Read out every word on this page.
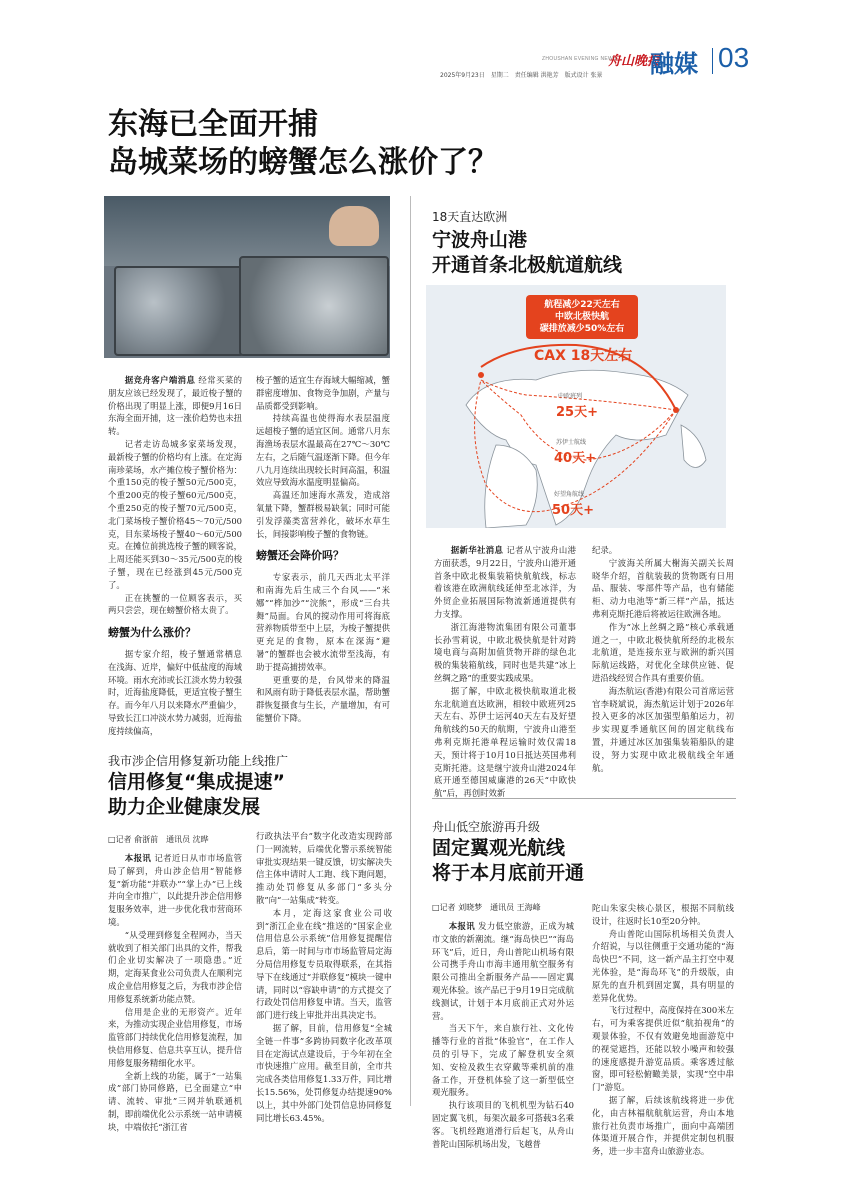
ZHOUSHAN EVENING NEWS
舟山晚报
融媒 03
2025年9月23日　星期二　责任编辑 洪艳芳　版式设计 张景
东海已全面开捕
岛城菜场的螃蟹怎么涨价了？

据竞舟客户端消息 经常买菜的朋友应该已经发现了，最近梭子蟹的价格出现了明显上涨，即便9月16日东海全面开捕，这一涨价趋势也未扭转。

记者走访岛城多家菜场发现，最新梭子蟹的价格均有上涨。在定海南珍菜场，水产摊位梭子蟹价格为：个重150克的梭子蟹50元/500克，个重200克的梭子蟹60元/500克，个重250克的梭子蟹70元/500克，北门菜场梭子蟹价格45～70元/500克，目东菜场梭子蟹40～60元/500克。在摊位前挑选梭子蟹的顾客说，上周还能买到30～35元/500克的梭子蟹，现在已经涨到45元/500克了。

正在挑蟹的一位顾客表示，买两只尝尝，现在螃蟹价格太贵了。

螃蟹为什么涨价？

据专家介绍，梭子蟹通常栖息在浅海、近岸，偏好中低盐度的海域环境。雨水充沛或长江淡水势力较强时，近海盐度降低，更适宜梭子蟹生存。而今年八月以来降水严重偏少，导致长江口冲淡水势力减弱，近海盐度持续偏高，

梭子蟹的适宜生存海域大幅缩减，蟹群密度增加、食物竞争加剧，产量与品质都受到影响。

持续高温也使得海水表层温度远超梭子蟹的适宜区间。通常八月东海渔场表层水温最高在27℃～30℃左右，之后随气温逐渐下降。但今年八九月连续出现较长时间高温，积温效应导致海水温度明显偏高。

高温还加速海水蒸发，造成溶氧量下降，蟹群极易缺氧；同时可能引发浮藻类富营养化，破坏水草生长，间接影响梭子蟹的食物链。

螃蟹还会降价吗？

专家表示，前几天西北太平洋和南海先后生成三个台风——“米娜”“桦加沙”“浣熊”，形成“三台共舞”局面。台风的搅动作用可将海底营养物质带至中上层，为梭子蟹提供更充足的食物，原本在深海“避暑”的蟹群也会被水流带至浅海，有助于提高捕捞效率。

更重要的是，台风带来的降温和风雨有助于降低表层水温，帮助蟹群恢复摄食与生长，产量增加，有可能蟹价下降。

18天直达欧洲
宁波舟山港
开通首条北极航道航线
航程减少22天左右
中欧北极快航
碳排放减少50%左右
CAX 18天左右
中欧班列
25天+
苏伊士航线
40天+
好望角航线
50天+

据新华社消息 记者从宁波舟山港方面获悉，9月22日，宁波舟山港开通首条中欧北极集装箱快航航线，标志着该港在欧洲航线延伸至北冰洋，为外贸企业拓展国际物流新通道提供有力支撑。

浙江海港物流集团有限公司董事长孙雪莉说，中欧北极快航是针对跨境电商与高附加值货物开辟的绿色北极的集装箱航线，同时也是共建“冰上丝绸之路”的重要实践成果。

据了解，中欧北极快航取道北极东北航道直达欧洲，相较中欧班列25天左右、苏伊士运河40天左右及好望角航线约50天的航期，宁波舟山港至弗利克斯托港单程运输时效仅需18天，预计将于10月10日抵达英国弗利克斯托港。这是继宁波舟山港2024年底开通至德国威廉港的26天“中欧快航”后，再创时效新

纪录。

宁波海关所属大榭海关副关长周晓华介绍，首航装载的货物既有日用品、服装、零部件等产品，也有储能柜、动力电池等“新三样”产品，抵达弗利克斯托港后将被运往欧洲各地。

作为“冰上丝绸之路”核心承载通道之一，中欧北极快航所经的北极东北航道，是连接东亚与欧洲的新兴国际航运线路，对优化全球供应链、促进沿线经贸合作具有重要价值。

海杰航运(香港)有限公司首席运营官李晓斌说，海杰航运计划于2026年投入更多的冰区加强型船舶运力，初步实现夏季通航区间的固定航线布置，并通过冰区加强集装箱船队的建设，努力实现中欧北极航线全年通航。

我市涉企信用修复新功能上线推广
信用修复“集成提速”
助力企业健康发展
□记者 俞浙前　通讯员 沈晔

本报讯 记者近日从市市场监管局了解到，舟山涉企信用“智能修复”新功能“并联办”“掌上办”已上线并向全市推广，以此提升涉企信用修复服务效率，进一步优化我市营商环境。

“从受理到修复全程网办，当天就收到了相关部门出具的文件，帮我们企业切实解决了一项隐患。”近期，定海某食业公司负责人在顺利完成企业信用修复之后，为我市涉企信用修复系统新功能点赞。

信用是企业的无形资产。近年来，为推动实现企业信用修复，市场监管部门持续优化信用修复流程，加快信用修复、信息共享互认，提升信用修复服务精细化水平。

全新上线的功能，属于“一站集成”部门协同修路，已全面建立“申请、流转、审批”三网并轨联通机制，即前端优化公示系统一站申请模块，中端依托“浙江省

行政执法平台”数字化改造实现跨部门一网流转，后端优化警示系统智能审批实现结果一键反馈，切实解决失信主体申请时人工跑、线下跑问题，推动处罚修复从多部门“多头分散”向“一站集成”转变。

本月，定海这家食业公司收到“浙江企业在线”推送的“国家企业信用信息公示系统”信用修复提醒信息后，第一时间与市市场监管局定海分局信用修复专员取得联系，在其指导下在线通过“并联修复”模块一键申请，同时以“容缺申请”的方式提交了行政处罚信用修复申请。当天，监管部门进行线上审批并出具决定书。

据了解，目前，信用修复“全城全链一件事”多跨协同数字化改革项目在定海试点建设后，于今年初在全市快速推广应用。截至目前，全市共完成各类信用修复1.33万件，同比增长15.56%，处罚修复办结提速90%以上，其中外部门处罚信息协同修复同比增长63.45%。

舟山低空旅游再升级
固定翼观光航线
将于本月底前开通
□记者 刘晓梦　通讯员 王海峰

本报讯 发力低空旅游，正成为城市文旅的新潮流。继“海岛快巴”“海岛环飞”后，近日，舟山普陀山机场有限公司携手舟山市海丰通用航空服务有限公司推出全新服务产品——固定翼观光体验。该产品已于9月19日完成航线测试，计划于本月底前正式对外运营。

当天下午，来自旅行社、文化传播等行业的首批“体验官”，在工作人员的引导下，完成了解登机安全须知、安检及救生衣穿戴等乘机前的准备工作，开登机体验了这一新型低空观光服务。

执行该项目的飞机机型为钻石40固定翼飞机，每架次最多可搭载3名乘客。飞机经跑道滑行后起飞，从舟山普陀山国际机场出发，飞越普

陀山朱家尖核心景区，根据不同航线设计，往返时长10至20分钟。

舟山普陀山国际机场相关负责人介绍说，与以往侧重于交通功能的“海岛快巴”不同，这一新产品主打空中观光体验，是“海岛环飞”的升级版，由原先的直升机到固定翼，具有明显的差异化优势。

飞行过程中，高度保持在300米左右，可为乘客提供近似“航拍视角”的观景体验，不仅有效避免地面游览中的视觉遮挡，还能以较小噪声和较强的速度感提升游览品质。乘客透过舷窗，即可轻松俯瞰美景，实现“空中串门”游览。

据了解，后续该航线将进一步优化，由吉林福航航航运营，舟山本地旅行社负责市场推广，面向中高端团体渠道开展合作，并提供定制包机服务，进一步丰富舟山旅游业态。
